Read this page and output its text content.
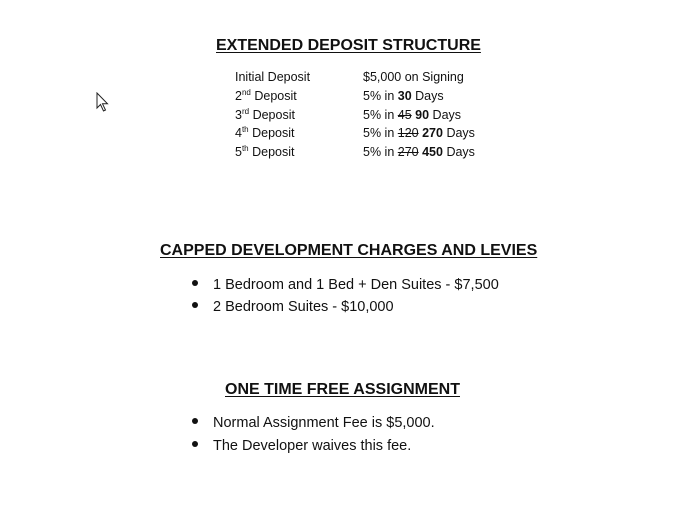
EXTENDED DEPOSIT STRUCTURE
Initial Deposit	$5,000 on Signing
2nd Deposit	5% in 30 Days
3rd Deposit	5% in 45 90 Days
4th Deposit	5% in 120 270 Days
5th Deposit	5% in 270 450 Days
CAPPED DEVELOPMENT CHARGES AND LEVIES
1 Bedroom and 1 Bed + Den Suites - $7,500
2 Bedroom Suites - $10,000
ONE TIME FREE ASSIGNMENT
Normal Assignment Fee is $5,000.
The Developer waives this fee.
